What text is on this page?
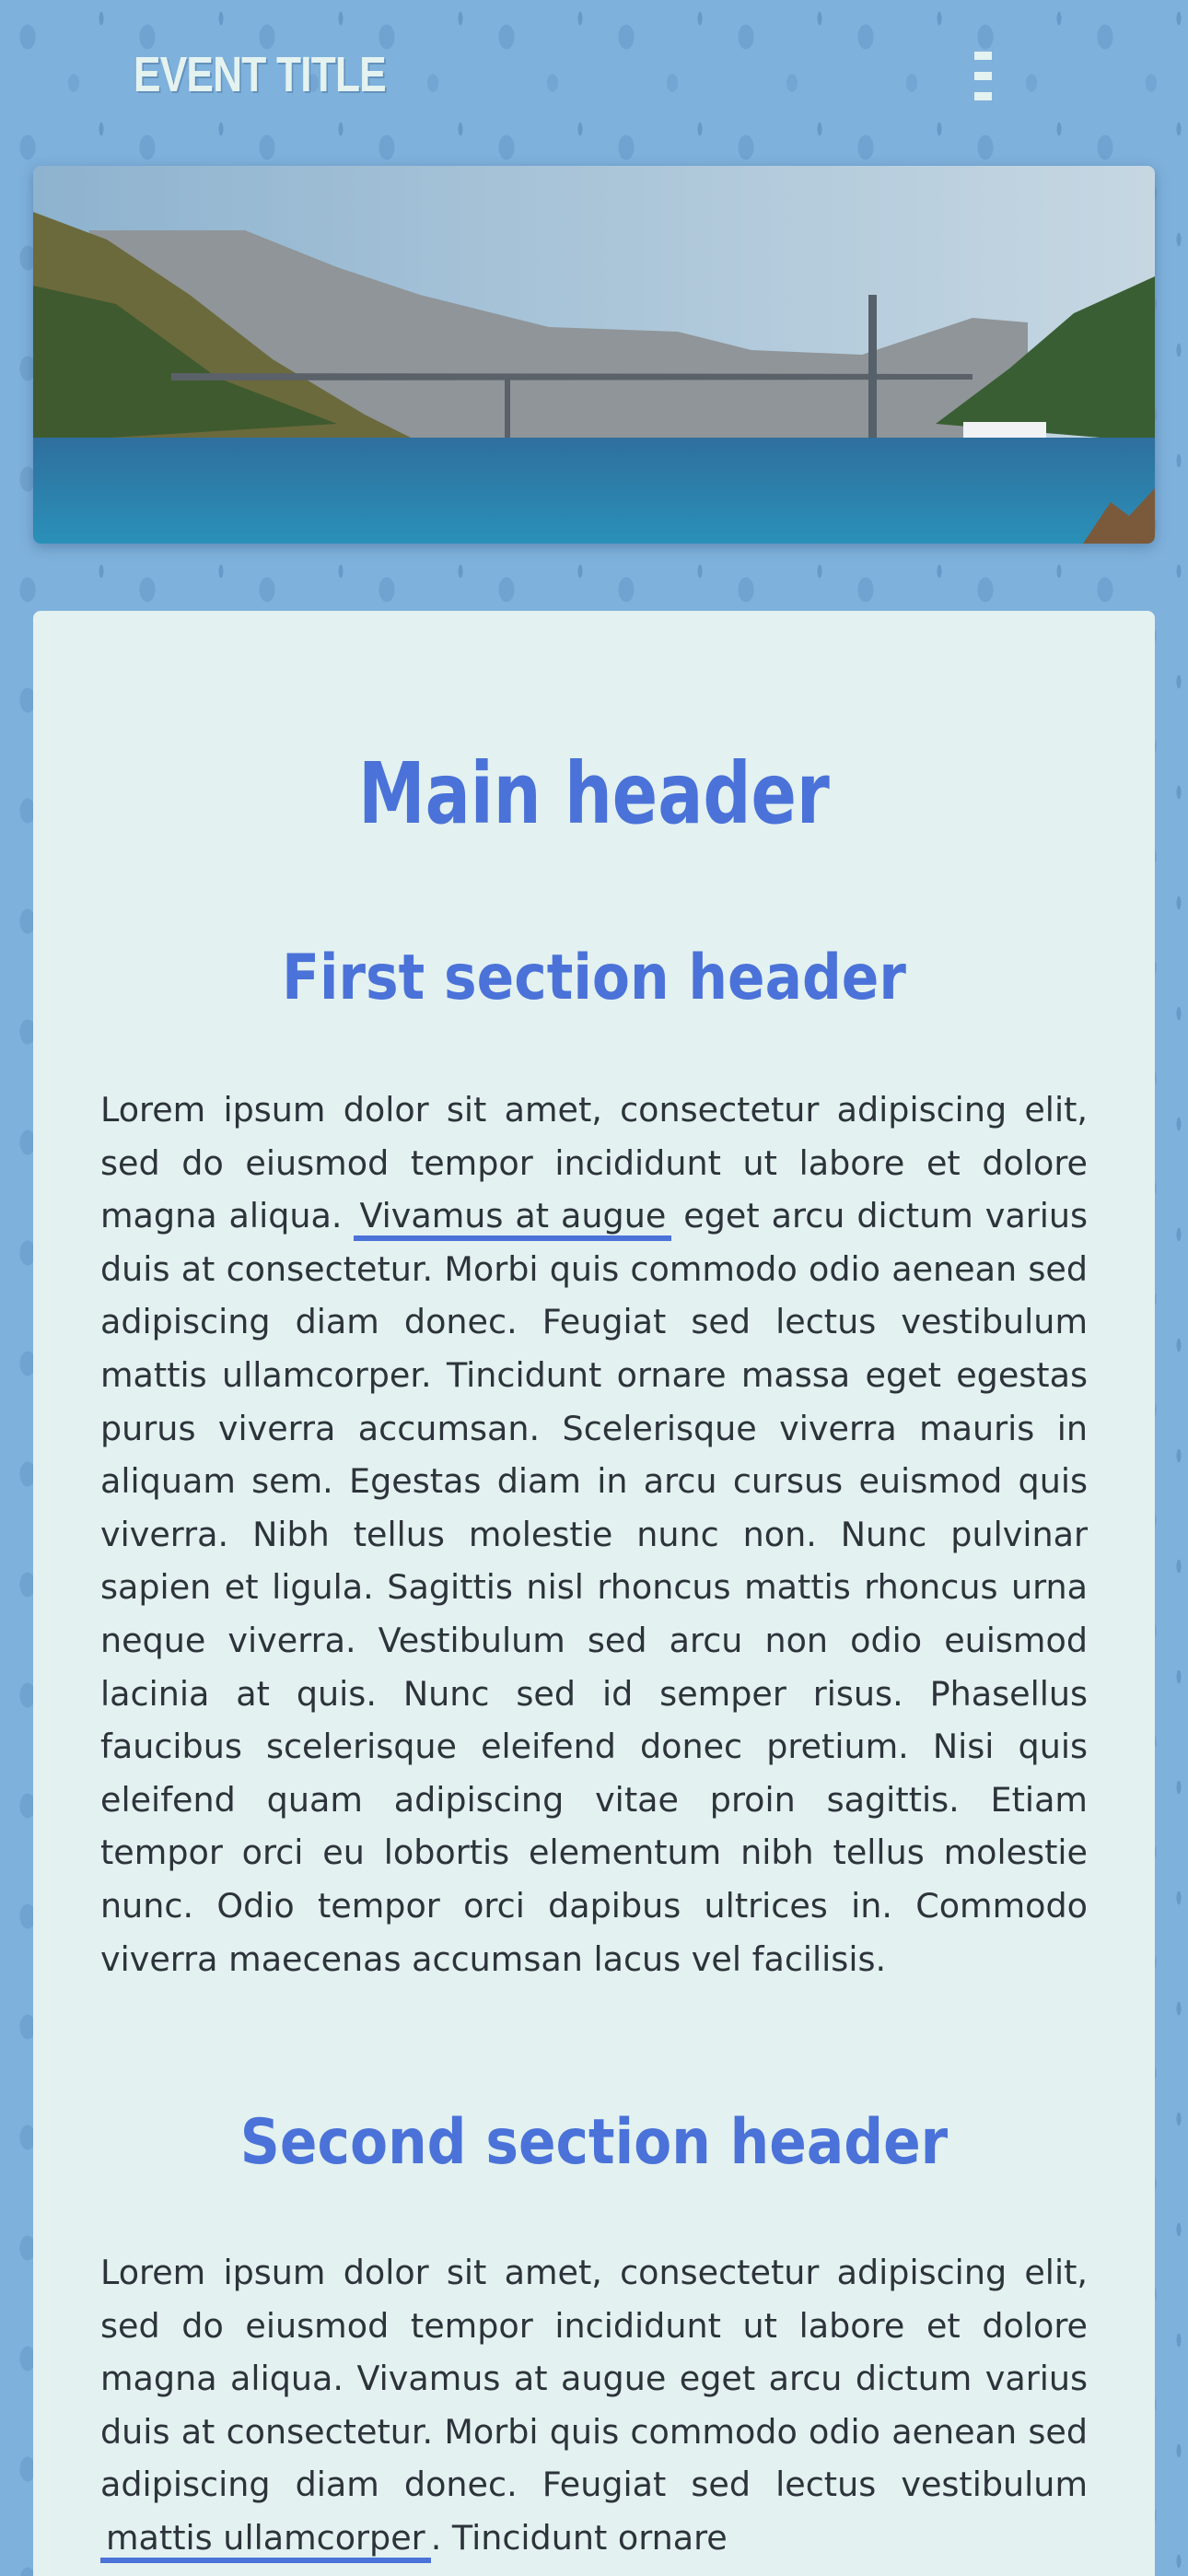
EVENT TITLE
Main header
First section header

Lorem ipsum dolor sit amet, consectetur adipiscing elit, sed do eiusmod tempor incididunt ut labore et dolore magna aliqua. Vivamus at augue eget arcu dictum varius duis at consectetur. Morbi quis commodo odio aenean sed adipiscing diam donec. Feugiat sed lectus vestibulum mattis ullamcorper. Tincidunt ornare massa eget egestas purus viverra accumsan. Scelerisque viverra mauris in aliquam sem. Egestas diam in arcu cursus euismod quis viverra. Nibh tellus molestie nunc non. Nunc pulvinar sapien et ligula. Sagittis nisl rhoncus mattis rhoncus urna neque viverra. Vestibulum sed arcu non odio euismod lacinia at quis. Nunc sed id semper risus. Phasellus faucibus scelerisque eleifend donec pretium. Nisi quis eleifend quam adipiscing vitae proin sagittis. Etiam tempor orci eu lobortis elementum nibh tellus molestie nunc. Odio tempor orci dapibus ultrices in. Commodo viverra maecenas accumsan lacus vel facilisis.

Second section header

Lorem ipsum dolor sit amet, consectetur adipiscing elit, sed do eiusmod tempor incididunt ut labore et dolore magna aliqua. Vivamus at augue eget arcu dictum varius duis at consectetur. Morbi quis commodo odio aenean sed adipiscing diam donec. Feugiat sed lectus vestibulum mattis ullamcorper . Tincidunt ornare
